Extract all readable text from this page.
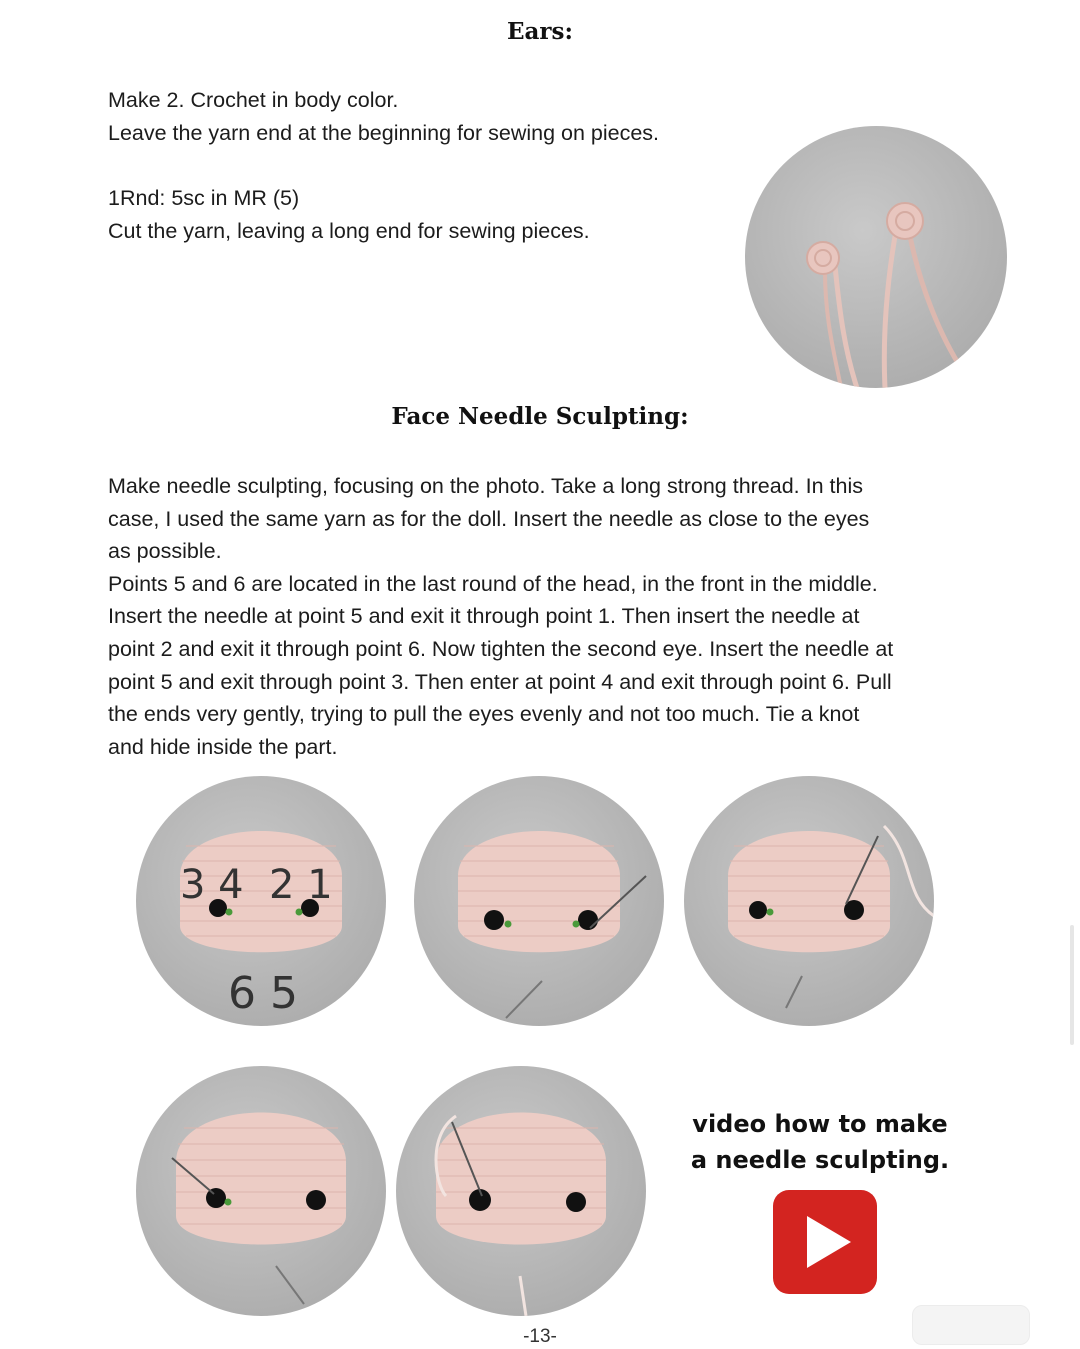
Ears:
Make 2. Crochet in body color.
Leave the yarn end at the beginning for sewing on pieces.
1Rnd: 5sc in MR (5)
Cut the yarn, leaving a long end for sewing pieces.
Face Needle Sculpting:
Make needle sculpting, focusing on the photo. Take a long strong thread. In this
case, I used the same yarn as for the doll. Insert the needle as close to the eyes
as possible.
Points 5 and 6 are located in the last round of the head, in the front in the middle.
Insert the needle at point 5 and exit it through point 1. Then insert the needle at
point 2 and exit it through point 6. Now tighten the second eye. Insert the needle at
point 5 and exit through point 3. Then enter at point 4 and exit through point 6. Pull
the ends very gently, trying to pull the eyes evenly and not too much. Tie a knot
and hide inside the part.
3 4  2 1
6 5
video how to make
a needle sculpting.
-13-
